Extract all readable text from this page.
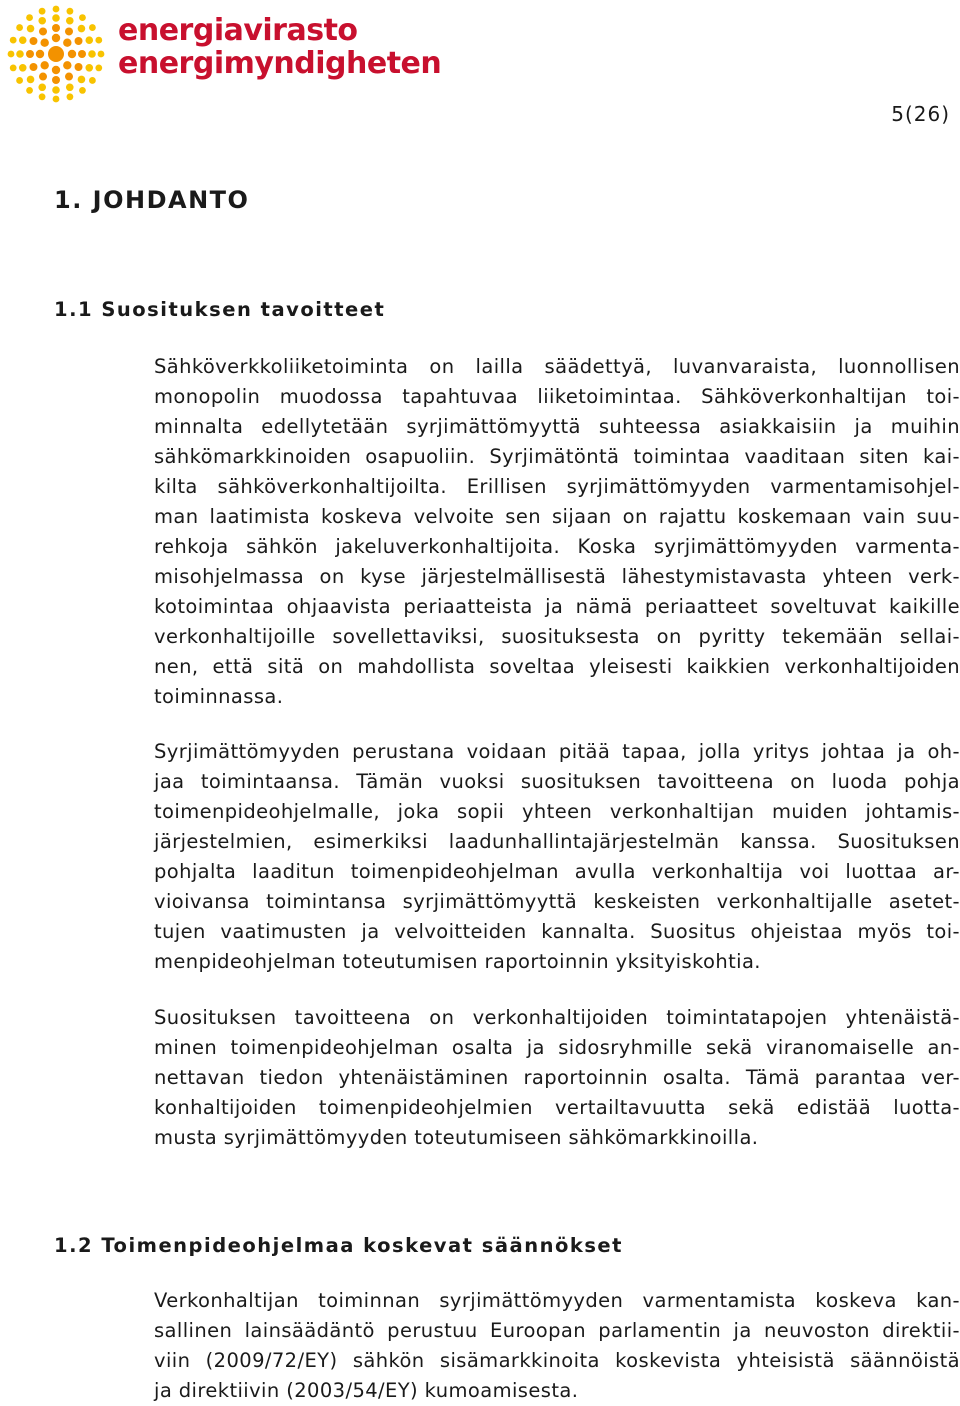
energiavirasto
energimyndigheten
5(26)
1. JOHDANTO
1.1 Suosituksen tavoitteet
Sähköverkkoliiketoiminta on lailla säädettyä, luvanvaraista, luonnollisen
monopolin muodossa tapahtuvaa liiketoimintaa. Sähköverkonhaltijan toi-
minnalta edellytetään syrjimättömyyttä suhteessa asiakkaisiin ja muihin
sähkömarkkinoiden osapuoliin. Syrjimätöntä toimintaa vaaditaan siten kai-
kilta sähköverkonhaltijoilta. Erillisen syrjimättömyyden varmentamisohjel-
man laatimista koskeva velvoite sen sijaan on rajattu koskemaan vain suu-
rehkoja sähkön jakeluverkonhaltijoita. Koska syrjimättömyyden varmenta-
misohjelmassa on kyse järjestelmällisestä lähestymistavasta yhteen verk-
kotoimintaa ohjaavista periaatteista ja nämä periaatteet soveltuvat kaikille
verkonhaltijoille sovellettaviksi, suosituksesta on pyritty tekemään sellai-
nen, että sitä on mahdollista soveltaa yleisesti kaikkien verkonhaltijoiden
toiminnassa.
Syrjimättömyyden perustana voidaan pitää tapaa, jolla yritys johtaa ja oh-
jaa toimintaansa. Tämän vuoksi suosituksen tavoitteena on luoda pohja
toimenpideohjelmalle, joka sopii yhteen verkonhaltijan muiden johtamis-
järjestelmien, esimerkiksi laadunhallintajärjestelmän kanssa. Suosituksen
pohjalta laaditun toimenpideohjelman avulla verkonhaltija voi luottaa ar-
vioivansa toimintansa syrjimättömyyttä keskeisten verkonhaltijalle asetet-
tujen vaatimusten ja velvoitteiden kannalta. Suositus ohjeistaa myös toi-
menpideohjelman toteutumisen raportoinnin yksityiskohtia.
Suosituksen tavoitteena on verkonhaltijoiden toimintatapojen yhtenäistä-
minen toimenpideohjelman osalta ja sidosryhmille sekä viranomaiselle an-
nettavan tiedon yhtenäistäminen raportoinnin osalta. Tämä parantaa ver-
konhaltijoiden toimenpideohjelmien vertailtavuutta sekä edistää luotta-
musta syrjimättömyyden toteutumiseen sähkömarkkinoilla.
1.2 Toimenpideohjelmaa koskevat säännökset
Verkonhaltijan toiminnan syrjimättömyyden varmentamista koskeva kan-
sallinen lainsäädäntö perustuu Euroopan parlamentin ja neuvoston direktii-
viin (2009/72/EY) sähkön sisämarkkinoita koskevista yhteisistä säännöistä
ja direktiivin (2003/54/EY) kumoamisesta.
